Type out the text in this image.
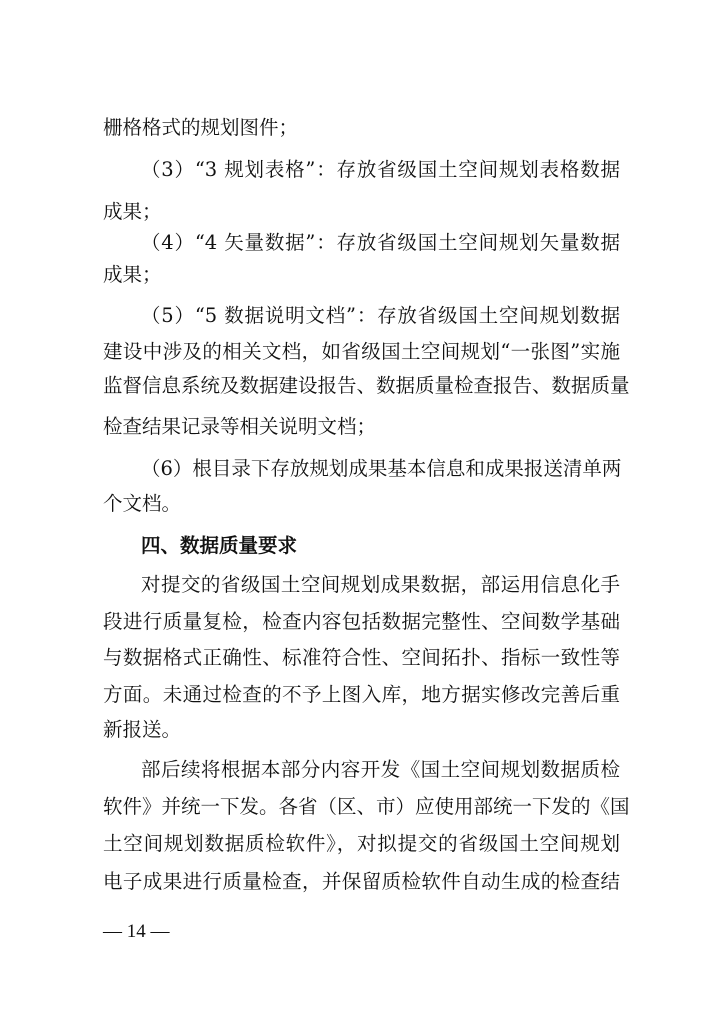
栅格格式的规划图件；
（3）“3 规划表格”：存放省级国土空间规划表格数据
成果；
（4）“4 矢量数据”：存放省级国土空间规划矢量数据
成果；
（5）“5 数据说明文档”：存放省级国土空间规划数据
建设中涉及的相关文档，如省级国土空间规划“一张图”实施
监督信息系统及数据建设报告、数据质量检查报告、数据质量
检查结果记录等相关说明文档；
（6）根目录下存放规划成果基本信息和成果报送清单两
个文档。
四、数据质量要求
对提交的省级国土空间规划成果数据，部运用信息化手
段进行质量复检，检查内容包括数据完整性、空间数学基础
与数据格式正确性、标准符合性、空间拓扑、指标一致性等
方面。未通过检查的不予上图入库，地方据实修改完善后重
新报送。
部后续将根据本部分内容开发《国土空间规划数据质检
软件》并统一下发。各省（区、市）应使用部统一下发的《国
土空间规划数据质检软件》，对拟提交的省级国土空间规划
电子成果进行质量检查，并保留质检软件自动生成的检查结
— 14 —
